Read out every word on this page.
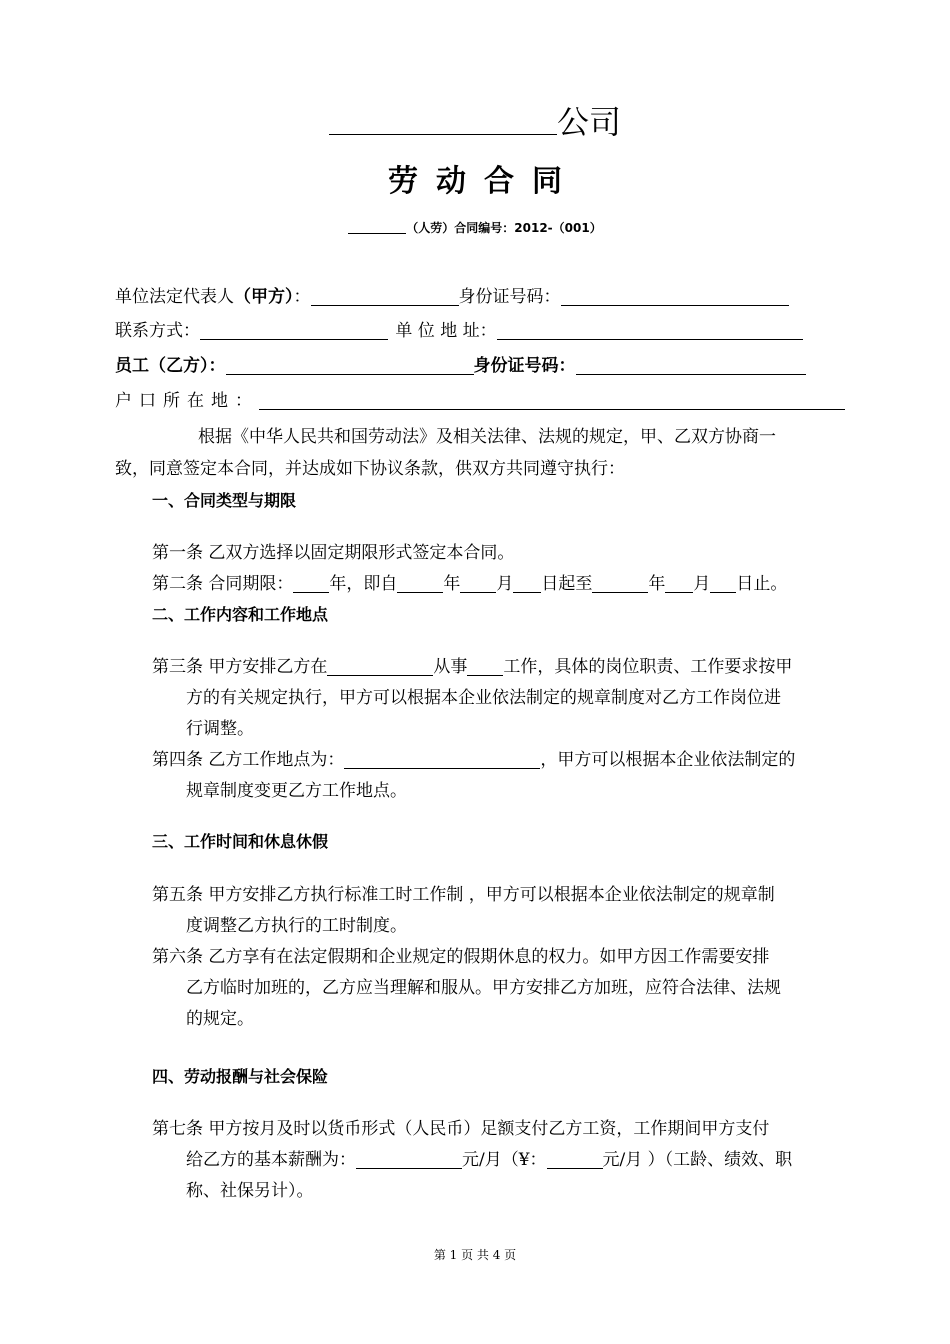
公司
劳动合同
（人劳）合同编号：2012-（001）
单位法定代表人（甲方）：	身份证号码：
联系方式：	单 位 地 址：
员工（乙方）：	身份证号码：
户口所在地：
根据《中华人民共和国劳动法》及相关法律、法规的规定，甲、乙双方协商一
致，同意签定本合同，并达成如下协议条款，供双方共同遵守执行：
一、合同类型与期限
第一条 乙双方选择以固定期限形式签定本合同。
第二条 合同期限： 年，即自	年 月 日起至	年 月 日止。
二、工作内容和工作地点
第三条 甲方安排乙方在	从事 工作，具体的岗位职责、工作要求按甲
方的有关规定执行，甲方可以根据本企业依法制定的规章制度对乙方工作岗位进
行调整。
第四条 乙方工作地点为：	，甲方可以根据本企业依法制定的
规章制度变更乙方工作地点。
三、工作时间和休息休假
第五条 甲方安排乙方执行标准工时工作制 ，甲方可以根据本企业依法制定的规章制
度调整乙方执行的工时制度。
第六条 乙方享有在法定假期和企业规定的假期休息的权力。如甲方因工作需要安排
乙方临时加班的，乙方应当理解和服从。甲方安排乙方加班，应符合法律、法规
的规定。
四、劳动报酬与社会保险
第七条 甲方按月及时以货币形式（人民币）足额支付乙方工资，工作期间甲方支付
给乙方的基本薪酬为：	元/月（¥：	元/月 ）（工龄、绩效、职
称、社保另计）。
第 1 页 共 4 页
